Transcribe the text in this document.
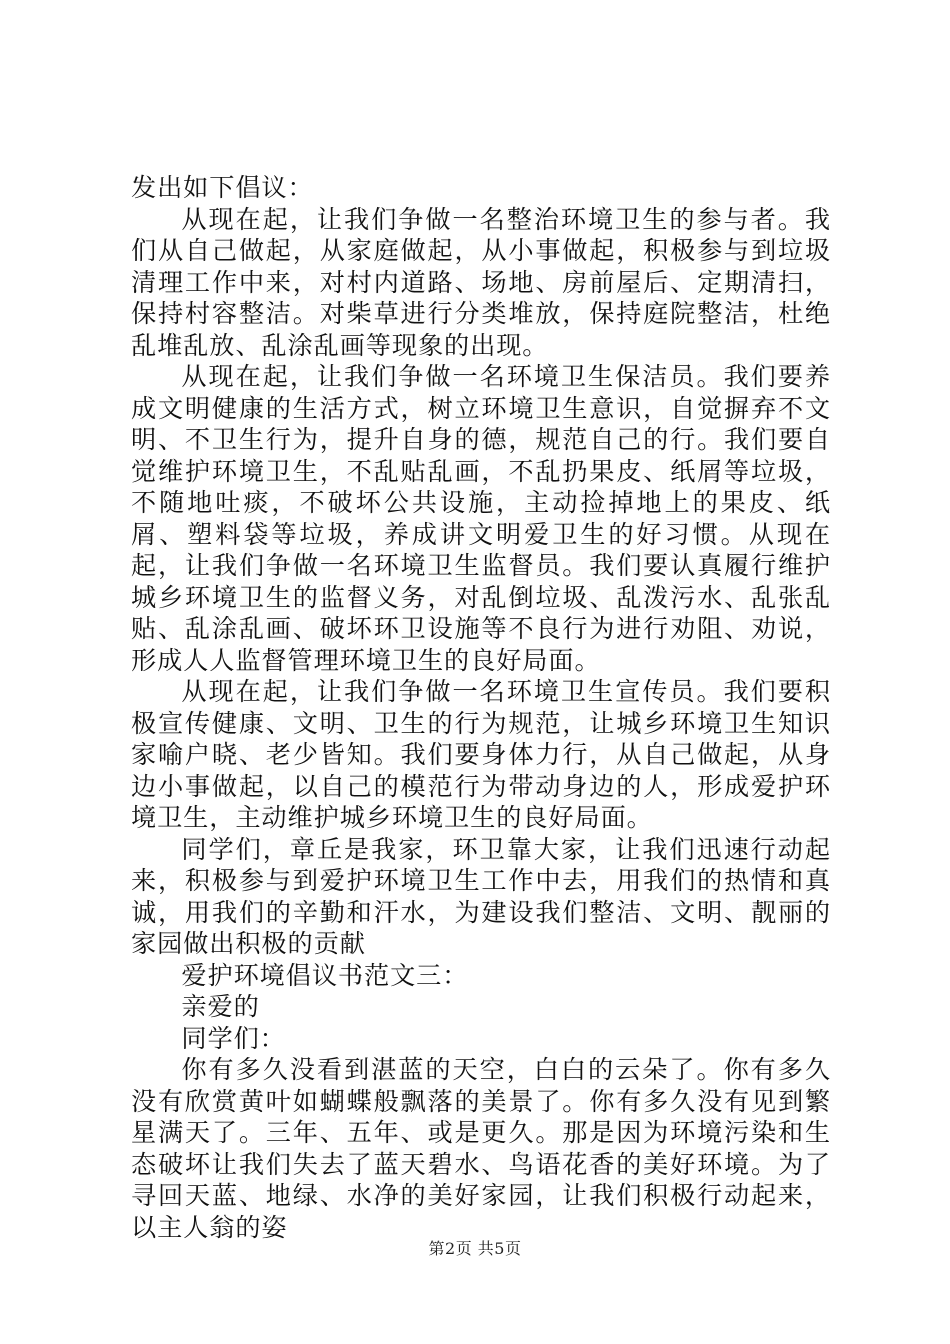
发出如下倡议：

从现在起，让我们争做一名整治环境卫生的参与者。我们从自己做起，从家庭做起，从小事做起，积极参与到垃圾清理工作中来，对村内道路、场地、房前屋后、定期清扫，保持村容整洁。对柴草进行分类堆放，保持庭院整洁，杜绝乱堆乱放、乱涂乱画等现象的出现。

从现在起，让我们争做一名环境卫生保洁员。我们要养成文明健康的生活方式，树立环境卫生意识，自觉摒弃不文明、不卫生行为，提升自身的德，规范自己的行。我们要自觉维护环境卫生，不乱贴乱画，不乱扔果皮、纸屑等垃圾，不随地吐痰，不破坏公共设施，主动捡掉地上的果皮、纸屑、塑料袋等垃圾，养成讲文明爱卫生的好习惯。从现在起，让我们争做一名环境卫生监督员。我们要认真履行维护城乡环境卫生的监督义务，对乱倒垃圾、乱泼污水、乱张乱贴、乱涂乱画、破坏环卫设施等不良行为进行劝阻、劝说，形成人人监督管理环境卫生的良好局面。

从现在起，让我们争做一名环境卫生宣传员。我们要积极宣传健康、文明、卫生的行为规范，让城乡环境卫生知识家喻户晓、老少皆知。我们要身体力行，从自己做起，从身边小事做起，以自己的模范行为带动身边的人，形成爱护环境卫生，主动维护城乡环境卫生的良好局面。

同学们，章丘是我家，环卫靠大家，让我们迅速行动起来，积极参与到爱护环境卫生工作中去，用我们的热情和真诚，用我们的辛勤和汗水，为建设我们整洁、文明、靓丽的家园做出积极的贡献

爱护环境倡议书范文三：

亲爱的

同学们：

你有多久没看到湛蓝的天空，白白的云朵了。你有多久没有欣赏黄叶如蝴蝶般飘落的美景了。你有多久没有见到繁星满天了。三年、五年、或是更久。那是因为环境污染和生态破坏让我们失去了蓝天碧水、鸟语花香的美好环境。为了寻回天蓝、地绿、水净的美好家园，让我们积极行动起来，以主人翁的姿

第2页 共5页
